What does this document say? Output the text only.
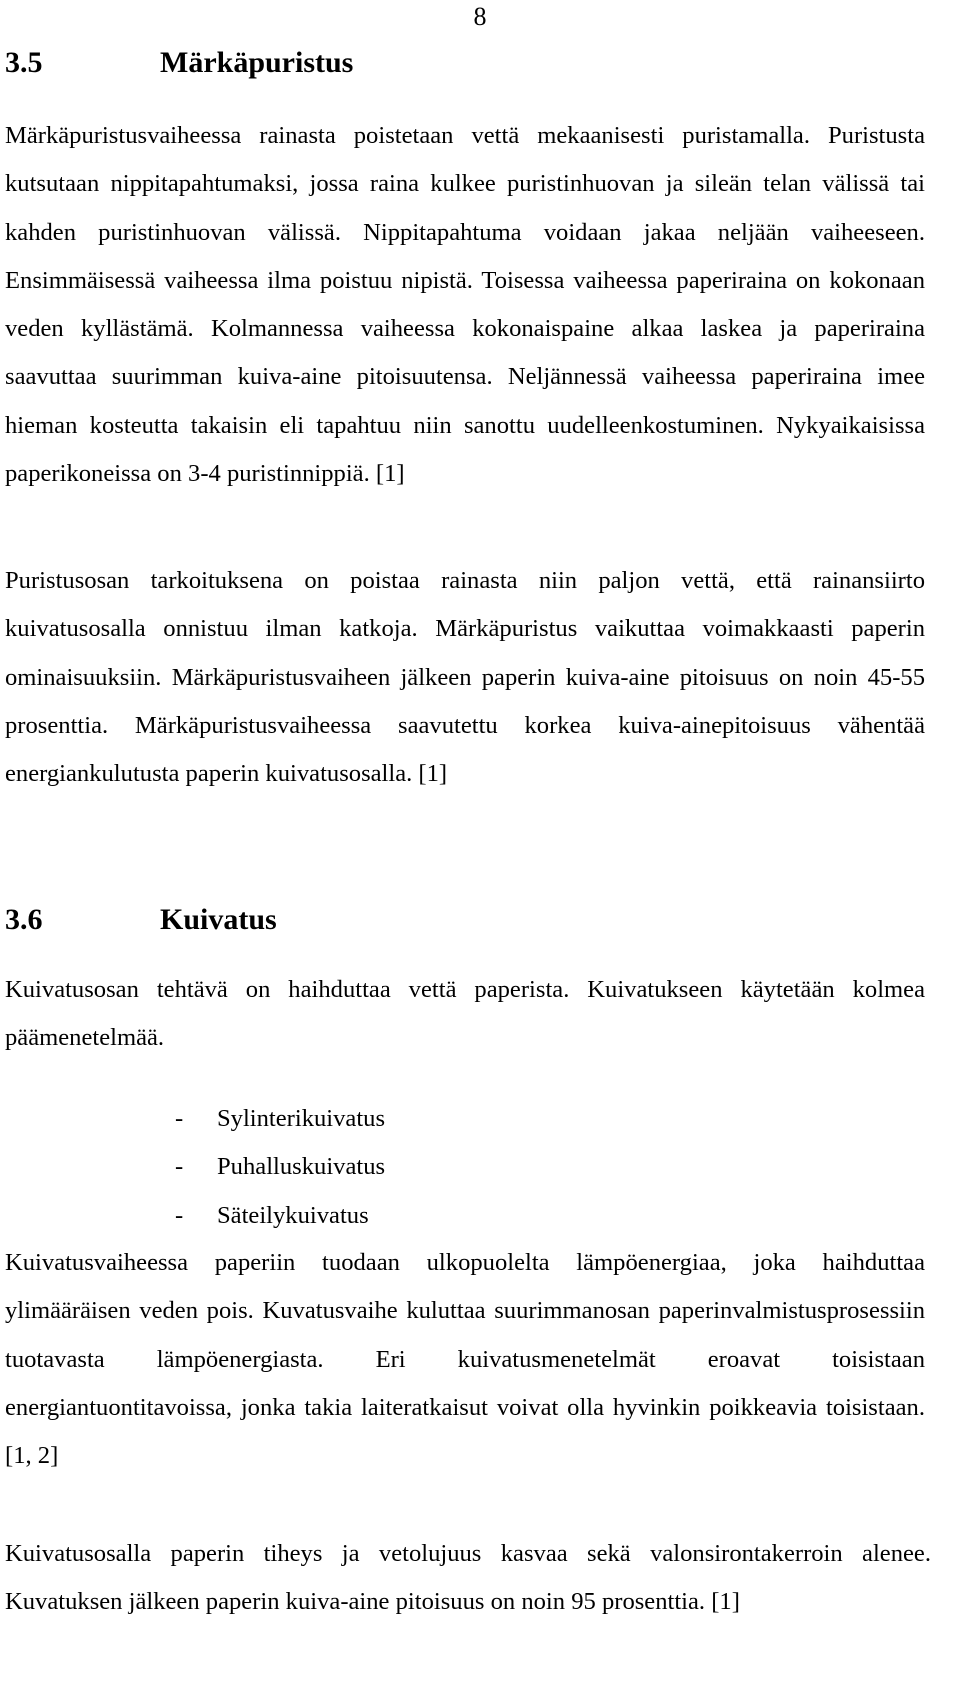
8
3.5	Märkäpuristus

Märkäpuristusvaiheessa rainasta poistetaan vettä mekaanisesti puristamalla. Puristusta kutsutaan nippitapahtumaksi, jossa raina kulkee puristinhuovan ja sileän telan välissä tai kahden puristinhuovan välissä. Nippitapahtuma voidaan jakaa neljään vaiheeseen. Ensimmäisessä vaiheessa ilma poistuu nipistä. Toisessa vaiheessa paperiraina on kokonaan veden kyllästämä. Kolmannessa vaiheessa kokonaispaine alkaa laskea ja paperiraina saavuttaa suurimman kuiva-aine pitoisuutensa. Neljännessä vaiheessa paperiraina imee hieman kosteutta takaisin eli tapahtuu niin sanottu uudelleenkostuminen. Nykyaikaisissa paperikoneissa on 3-4 puristinnippiä. [1]

Puristusosan tarkoituksena on poistaa rainasta niin paljon vettä, että rainansiirto kuivatusosalla onnistuu ilman katkoja. Märkäpuristus vaikuttaa voimakkaasti paperin ominaisuuksiin. Märkäpuristusvaiheen jälkeen paperin kuiva-aine pitoisuus on noin 45-55 prosenttia. Märkäpuristusvaiheessa saavutettu korkea kuiva-ainepitoisuus vähentää energiankulutusta paperin kuivatusosalla. [1]

3.6	Kuivatus

Kuivatusosan tehtävä on haihduttaa vettä paperista. Kuivatukseen käytetään kolmea päämenetelmää.

- Sylinterikuivatus
- Puhalluskuivatus
- Säteilykuivatus

Kuivatusvaiheessa paperiin tuodaan ulkopuolelta lämpöenergiaa, joka haihduttaa ylimääräisen veden pois. Kuvatusvaihe kuluttaa suurimmanosan paperinvalmistusprosessiin tuotavasta lämpöenergiasta. Eri kuivatusmenetelmät eroavat toisistaan energiantuontitavoissa, jonka takia laiteratkaisut voivat olla hyvinkin poikkeavia toisistaan. [1, 2]

Kuivatusosalla paperin tiheys ja vetolujuus kasvaa sekä valonsirontakerroin alenee. Kuvatuksen jälkeen paperin kuiva-aine pitoisuus on noin 95 prosenttia. [1]
